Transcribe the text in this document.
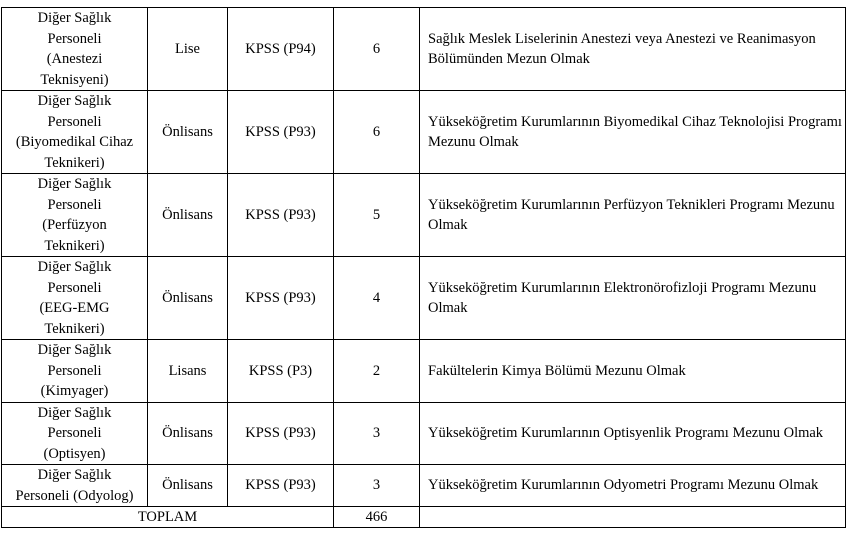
Diğer Sağlık
Personeli
(Anestezi
Teknisyeni)	Lise	KPSS (P94)	6	Sağlık Meslek Liselerinin Anestezi veya Anestezi ve Reanimasyon Bölümünden Mezun Olmak

Diğer Sağlık
Personeli
(Biyomedikal Cihaz
Teknikeri)	Önlisans	KPSS (P93)	6	Yükseköğretim Kurumlarının Biyomedikal Cihaz Teknolojisi Programı Mezunu Olmak

Diğer Sağlık
Personeli
(Perfüzyon
Teknikeri)	Önlisans	KPSS (P93)	5	Yükseköğretim Kurumlarının Perfüzyon Teknikleri Programı Mezunu Olmak

Diğer Sağlık
Personeli
(EEG-EMG
Teknikeri)	Önlisans	KPSS (P93)	4	Yükseköğretim Kurumlarının Elektronörofizloji Programı Mezunu Olmak

Diğer Sağlık
Personeli
(Kimyager)	Lisans	KPSS (P3)	2	Fakültelerin Kimya Bölümü Mezunu Olmak

Diğer Sağlık
Personeli
(Optisyen)	Önlisans	KPSS (P93)	3	Yükseköğretim Kurumlarının Optisyenlik Programı Mezunu Olmak

Diğer Sağlık
Personeli (Odyolog)	Önlisans	KPSS (P93)	3	Yükseköğretim Kurumlarının Odyometri Programı Mezunu Olmak
TOPLAM			466	
